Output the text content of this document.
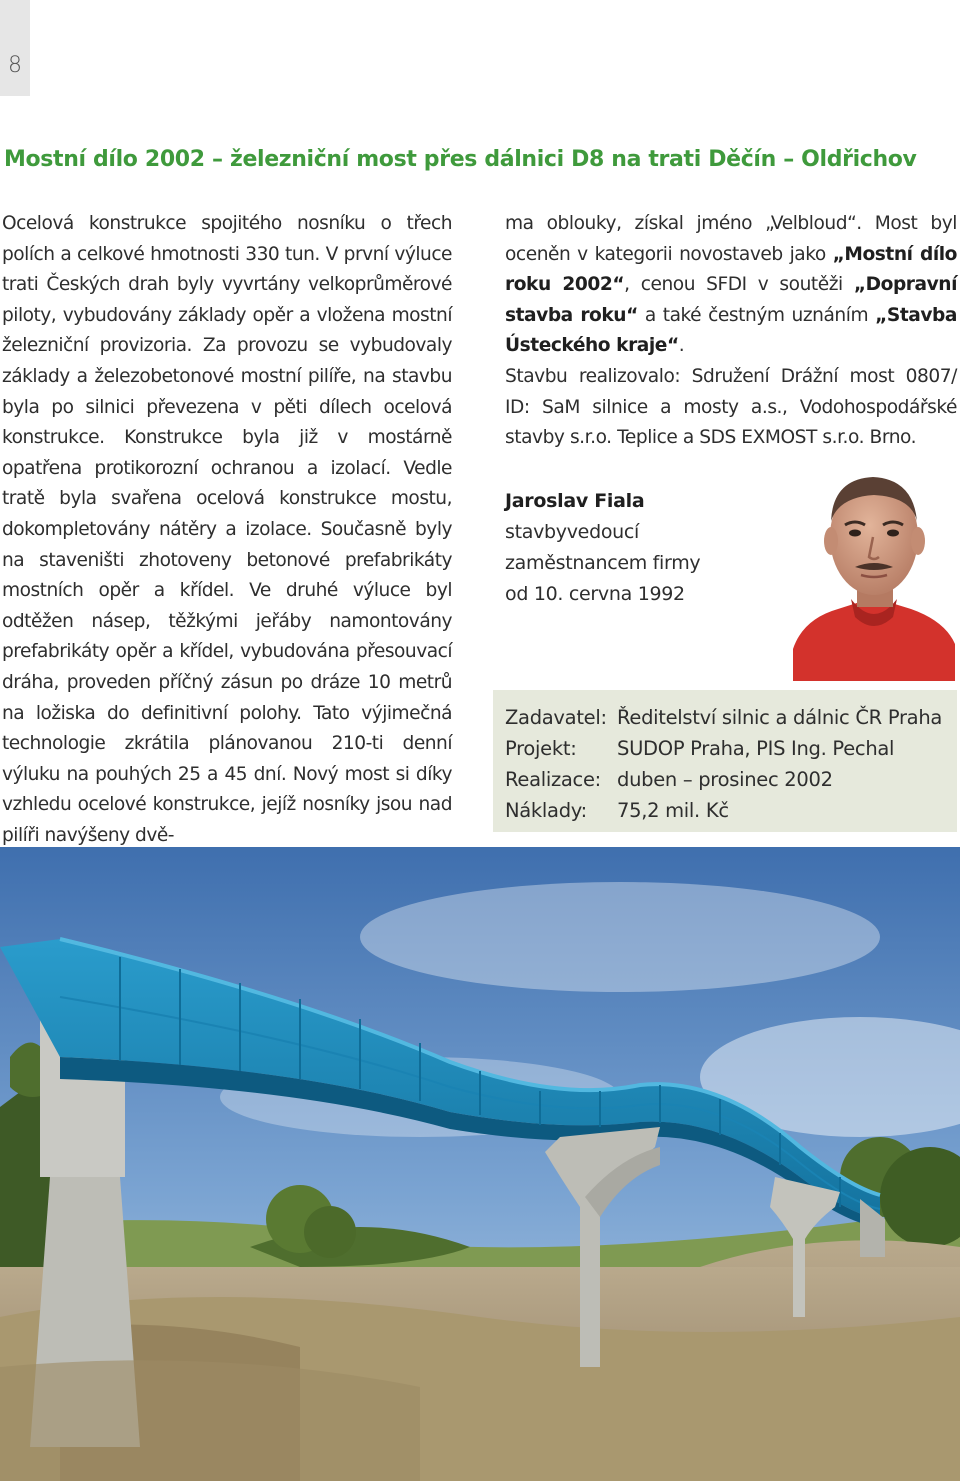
8
Mostní dílo 2002 – železniční most přes dálnici D8 na trati Děčín – Oldřichov

Ocelová konstrukce spojitého nosníku o třech polích a celkové hmotnosti 330 tun. V první výluce trati Českých drah byly vyvrtány velkoprůměrové piloty, vybudovány základy opěr a vložena mostní železniční provizoria. Za provozu se vybudovaly základy a železobetonové mostní pilíře, na stavbu byla po silnici převezena v pěti dílech ocelová konstrukce. Konstrukce byla již v mostárně opatřena protikorozní ochranou a izolací. Vedle tratě byla svařena ocelová konstrukce mostu, dokompletovány nátěry a izolace. Současně byly na staveništi zhotoveny betonové prefabrikáty mostních opěr a křídel. Ve druhé výluce byl odtěžen násep, těžkými jeřáby namontovány prefabrikáty opěr a křídel, vybudována přesouvací dráha, proveden příčný zásun po dráze 10 metrů na ložiska do definitivní polohy. Tato výjimečná technologie zkrátila plánovanou 210-ti denní výluku na pouhých 25 a 45 dní. Nový most si díky vzhledu ocelové konstrukce, jejíž nosníky jsou nad pilíři navýšeny dvě-

ma oblouky, získal jméno „Velbloud“. Most byl oceněn v kategorii novostaveb jako „Mostní dílo roku 2002“, cenou SFDI v soutěži „Dopravní stavba roku“ a také čestným uznáním „Stavba Ústeckého kraje“.

Stavbu realizovalo: Sdružení Drážní most 0807/ ID: SaM silnice a mosty a.s., Vodohospodářské stavby s.r.o. Teplice a SDS EXMOST s.r.o. Brno.

Jaroslav Fiala
stavbyvedoucí
zaměstnancem firmy
od 10. cervna 1992
Zadavatel: Ředitelství silnic a dálnic ČR Praha
Projekt:	SUDOP Praha, PIS Ing. Pechal
Realizace: duben – prosinec 2002
Náklady:	75,2 mil. Kč
